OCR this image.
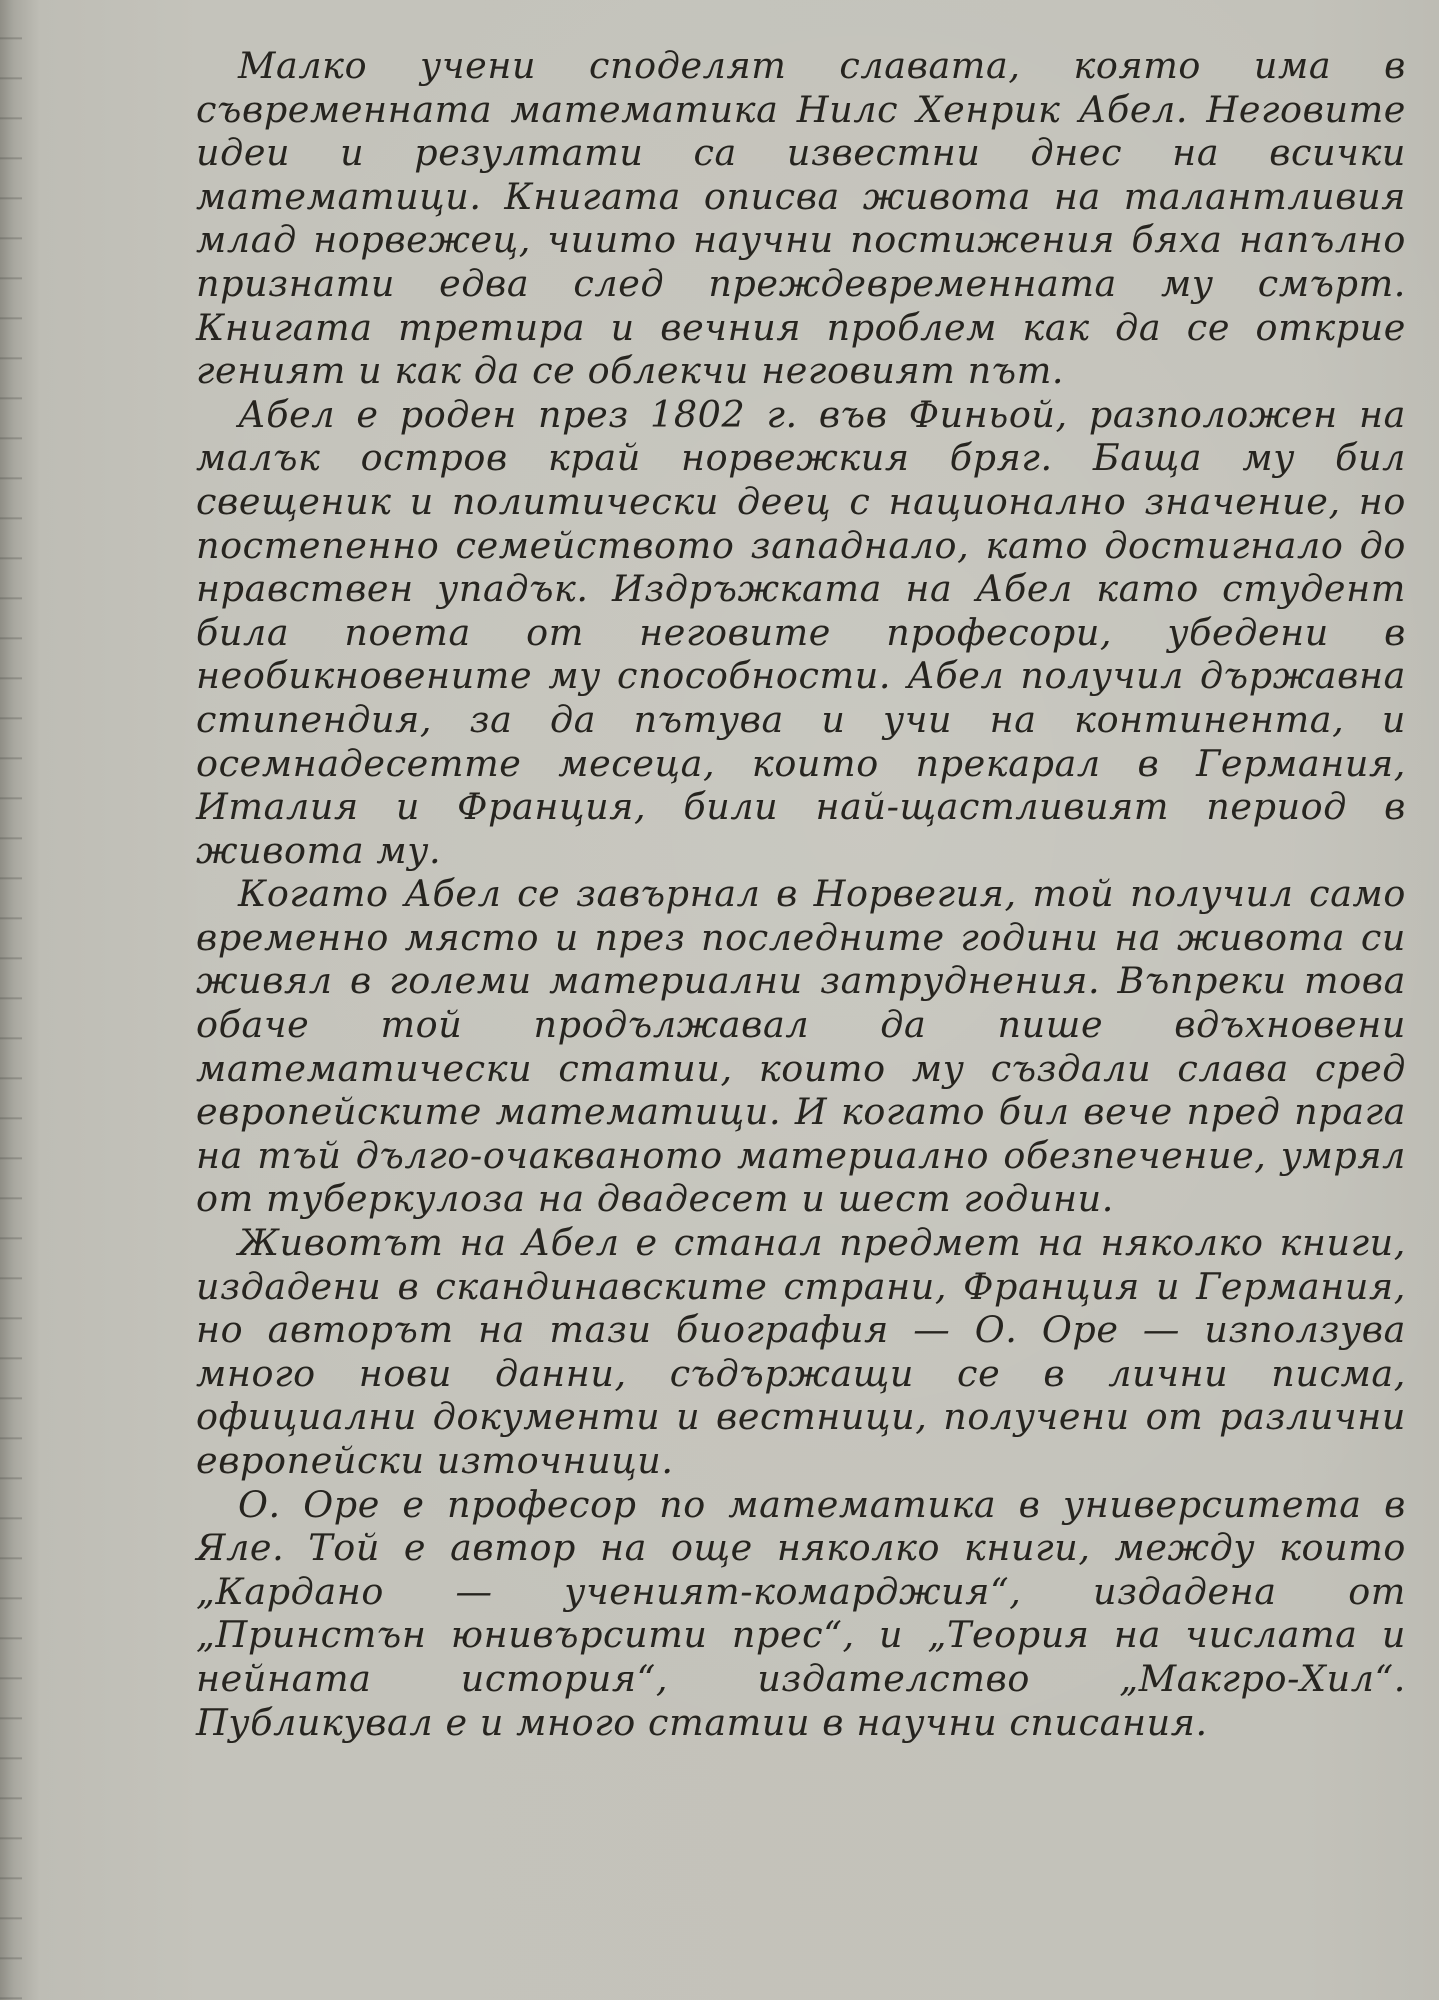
Малко учени споделят славата, която има в съвременната математика Нилс Хенрик Абел. Неговите идеи и резултати са известни днес на всички математици. Книгата описва живота на талантливия млад норвежец, чиито научни постижения бяха напълно признати едва след преждевременната му смърт. Книгата третира и вечния проблем как да се открие геният и как да се облекчи неговият път.

Абел е роден през 1802 г. във Финьой, разположен на малък остров край норвежкия бряг. Баща му бил свещеник и политически деец с национално значение, но постепенно семейството западнало, като достигнало до нравствен упадък. Издръжката на Абел като студент била поета от неговите професори, убедени в необикновените му способности. Абел получил държавна стипендия, за да пътува и учи на континента, и осемнадесетте месеца, които прекарал в Германия, Италия и Франция, били най-щастливият период в живота му.

Когато Абел се завърнал в Норвегия, той получил само временно място и през последните години на живота си живял в големи материални затруднения. Въпреки това обаче той продължавал да пише вдъхновени математически статии, които му създали слава сред европейските математици. И когато бил вече пред прага на тъй дълго-очакваното материално обезпечение, умрял от туберкулоза на двадесет и шест години.

Животът на Абел е станал предмет на няколко книги, издадени в скандинавските страни, Франция и Германия, но авторът на тази биография — О. Оре — използува много нови данни, съдържащи се в лични писма, официални документи и вестници, получени от различни европейски източници.

О. Оре е професор по математика в университета в Яле. Той е автор на още няколко книги, между които „Кардано — ученият-комарджия“, издадена от „Принстън юнивърсити прес“, и „Теория на числата и нейната история“, издателство „Макгро-Хил“. Публикувал е и много статии в научни списания.
